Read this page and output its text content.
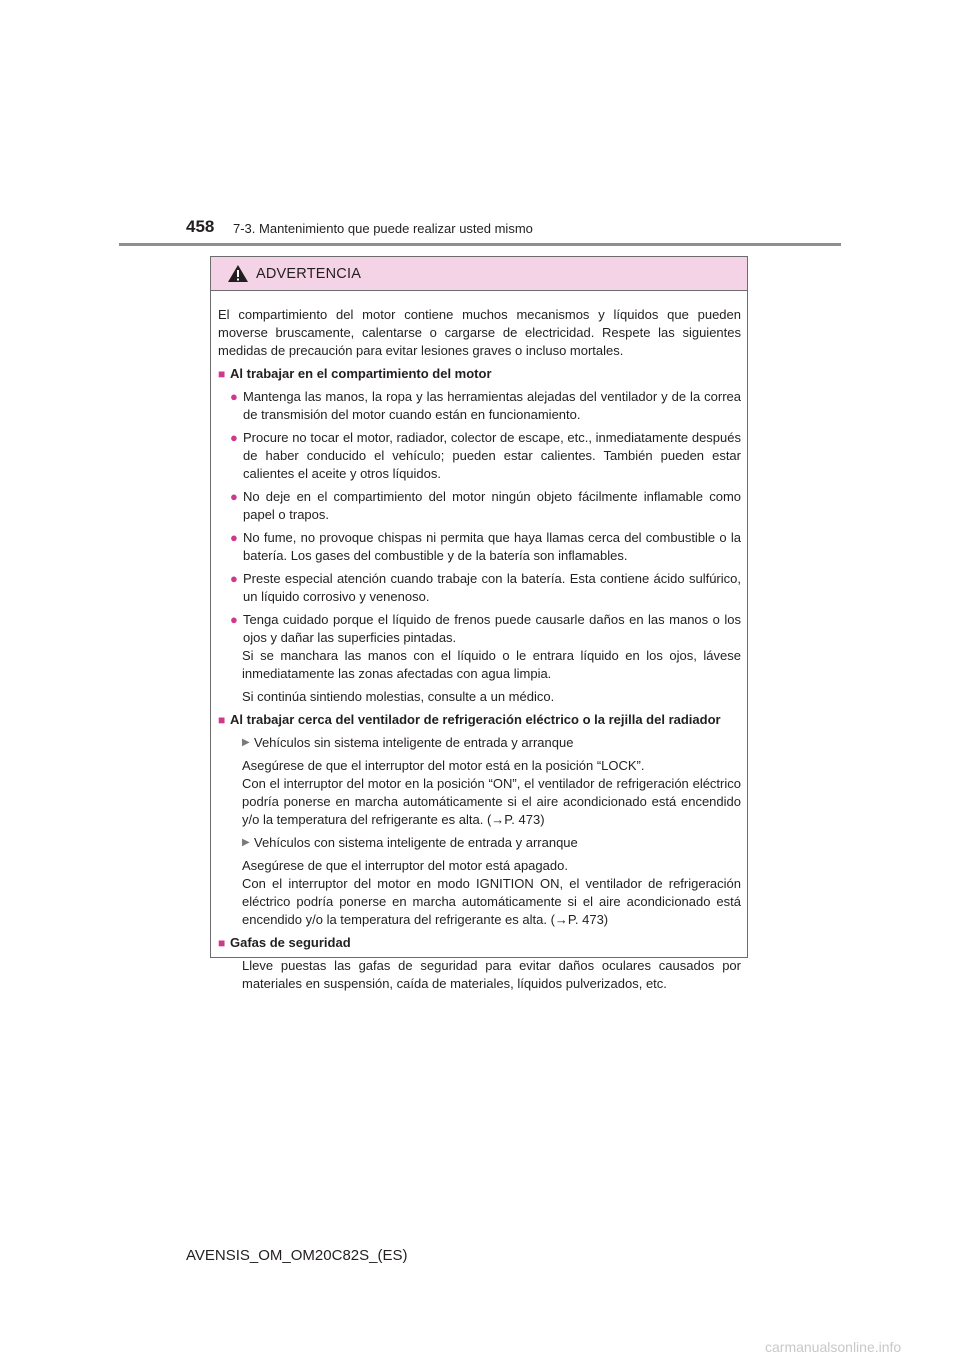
458 7-3. Mantenimiento que puede realizar usted mismo
ADVERTENCIA

El compartimiento del motor contiene muchos mecanismos y líquidos que pueden moverse bruscamente, calentarse o cargarse de electricidad. Respete las siguientes medidas de precaución para evitar lesiones graves o incluso mortales.

■ Al trabajar en el compartimiento del motor
● Mantenga las manos, la ropa y las herramientas alejadas del ventilador y de la correa de transmisión del motor cuando están en funcionamiento.
● Procure no tocar el motor, radiador, colector de escape, etc., inmediatamente después de haber conducido el vehículo; pueden estar calientes. También pueden estar calientes el aceite y otros líquidos.
● No deje en el compartimiento del motor ningún objeto fácilmente inflamable como papel o trapos.
● No fume, no provoque chispas ni permita que haya llamas cerca del combustible o la batería. Los gases del combustible y de la batería son inflamables.
● Preste especial atención cuando trabaje con la batería. Esta contiene ácido sulfúrico, un líquido corrosivo y venenoso.
● Tenga cuidado porque el líquido de frenos puede causarle daños en las manos o los ojos y dañar las superficies pintadas.
Si se manchara las manos con el líquido o le entrara líquido en los ojos, lávese inmediatamente las zonas afectadas con agua limpia.
Si continúa sintiendo molestias, consulte a un médico.
■ Al trabajar cerca del ventilador de refrigeración eléctrico o la rejilla del radiador
▶ Vehículos sin sistema inteligente de entrada y arranque
Asegúrese de que el interruptor del motor está en la posición “LOCK”.
Con el interruptor del motor en la posición “ON”, el ventilador de refrigeración eléctrico podría ponerse en marcha automáticamente si el aire acondicionado está encendido y/o la temperatura del refrigerante es alta. (→P. 473)
▶ Vehículos con sistema inteligente de entrada y arranque
Asegúrese de que el interruptor del motor está apagado.
Con el interruptor del motor en modo IGNITION ON, el ventilador de refrigeración eléctrico podría ponerse en marcha automáticamente si el aire acondicionado está encendido y/o la temperatura del refrigerante es alta. (→P. 473)
■ Gafas de seguridad
Lleve puestas las gafas de seguridad para evitar daños oculares causados por materiales en suspensión, caída de materiales, líquidos pulverizados, etc.
AVENSIS_OM_OM20C82S_(ES)
carmanualsonline.info
